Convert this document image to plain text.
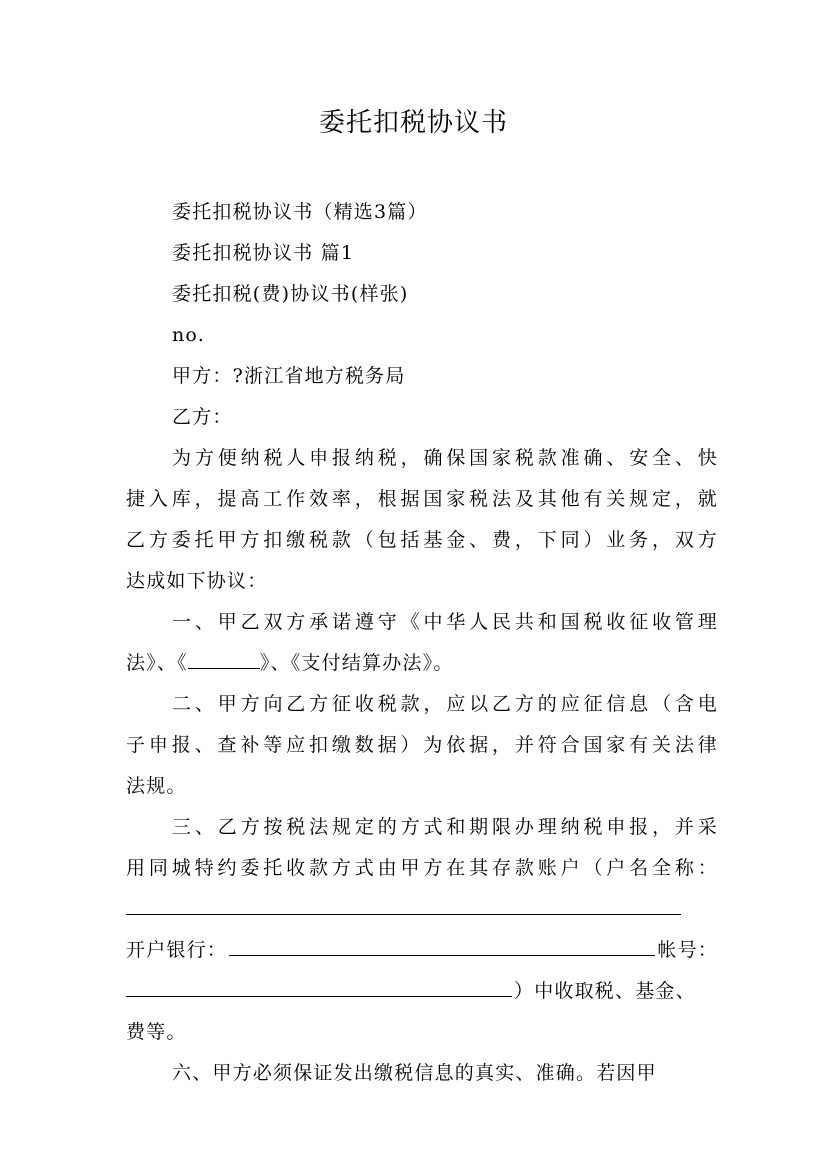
委托扣税协议书

委托扣税协议书（精选3篇）

委托扣税协议书 篇1

委托扣税(费)协议书(样张)

no.

甲方：?浙江省地方税务局

乙方：

为方便纳税人申报纳税，确保国家税款准确、安全、快

捷入库，提高工作效率，根据国家税法及其他有关规定，就

乙方委托甲方扣缴税款（包括基金、费，下同）业务，双方

达成如下协议：

一、甲乙双方承诺遵守《中华人民共和国税收征收管理

法》、《	》、《支付结算办法》。

二、甲方向乙方征收税款，应以乙方的应征信息（含电

子申报、查补等应扣缴数据）为依据，并符合国家有关法律

法规。

三、乙方按税法规定的方式和期限办理纳税申报，并采

用同城特约委托收款方式由甲方在其存款账户（户名全称：

开户银行：	帐号：

）中收取税、基金、

费等。

六、甲方必须保证发出缴税信息的真实、准确。若因甲
